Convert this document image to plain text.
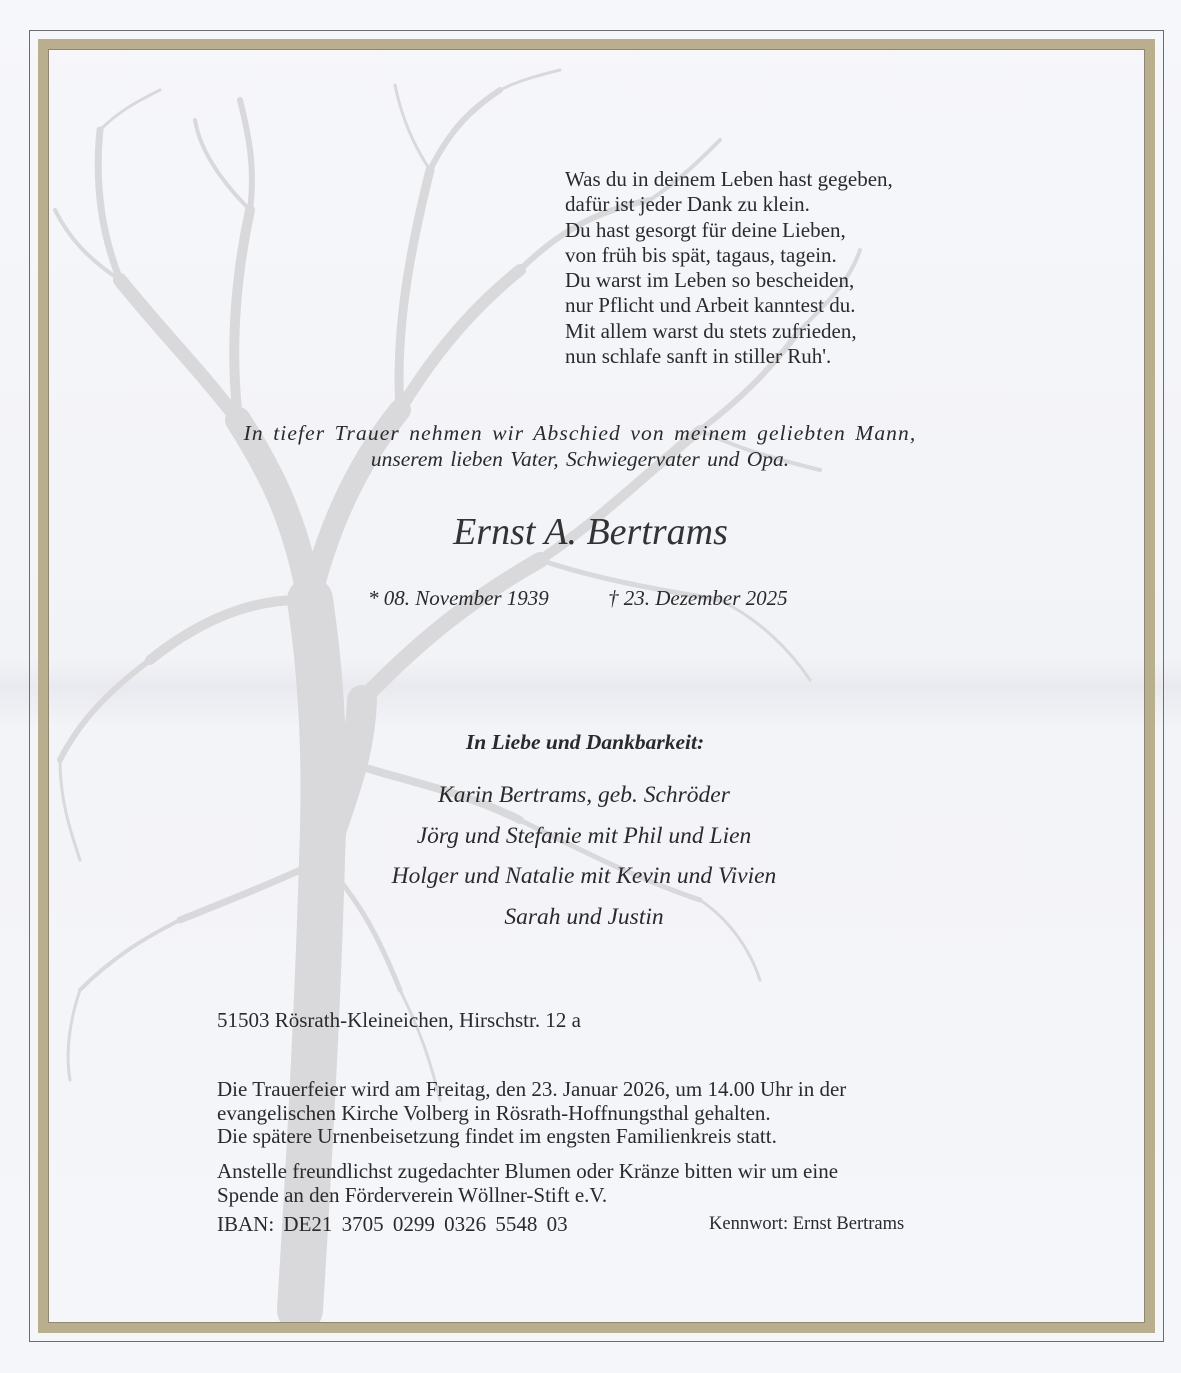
Was du in deinem Leben hast gegeben,
dafür ist jeder Dank zu klein.
Du hast gesorgt für deine Lieben,
von früh bis spät, tagaus, tagein.
Du warst im Leben so bescheiden,
nur Pflicht und Arbeit kanntest du.
Mit allem warst du stets zufrieden,
nun schlafe sanft in stiller Ruh'.
In tiefer Trauer nehmen wir Abschied von meinem geliebten Mann,
unserem lieben Vater, Schwiegervater und Opa.
Ernst A. Bertrams
* 08. November 1939	† 23. Dezember 2025
In Liebe und Dankbarkeit:
Karin Bertrams, geb. Schröder
Jörg und Stefanie mit Phil und Lien
Holger und Natalie mit Kevin und Vivien
Sarah und Justin
51503 Rösrath-Kleineichen, Hirschstr. 12 a
Die Trauerfeier wird am Freitag, den 23. Januar 2026, um 14.00 Uhr in der
evangelischen Kirche Volberg in Rösrath-Hoffnungsthal gehalten.
Die spätere Urnenbeisetzung findet im engsten Familienkreis statt.
Anstelle freundlichst zugedachter Blumen oder Kränze bitten wir um eine
Spende an den Förderverein Wöllner-Stift e.V.
IBAN: DE21 3705 0299 0326 5548 03	Kennwort: Ernst Bertrams
